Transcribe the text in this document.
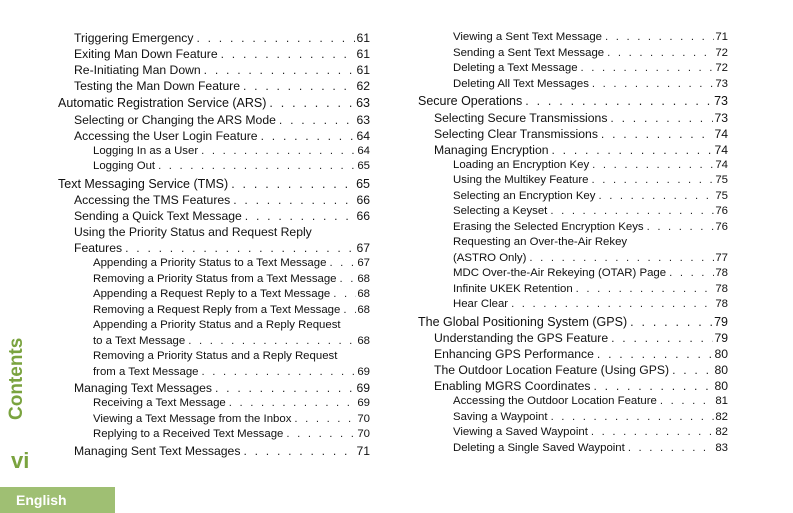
Triggering Emergency . . .	61
Exiting Man Down Feature . . .	61
Re-Initiating Man Down . . .	61
Testing the Man Down Feature . . .	62
Automatic Registration Service (ARS) . . .	63
Selecting or Changing the ARS Mode . . .	63
Accessing the User Login Feature . . .	64
Logging In as a User . . .	64
Logging Out . . .	65
Text Messaging Service (TMS) . . .	65
Accessing the TMS Features . . .	66
Sending a Quick Text Message . . .	66
Using the Priority Status and Request Reply
Features . . .	67
Appending a Priority Status to a Text Message . . .	67
Removing a Priority Status from a Text Message . . . 68
Appending a Request Reply to a Text Message . . . 68
Removing a Request Reply from a Text Message . . . 68
Appending a Priority Status and a Reply Request
to a Text Message . . .	68
Removing a Priority Status and a Reply Request
from a Text Message . . .	69
Managing Text Messages . . .	69
Receiving a Text Message . . .	69
Viewing a Text Message from the Inbox . . .	70
Replying to a Received Text Message . . .	70
Managing Sent Text Messages . . .	71
Viewing a Sent Text Message . . .	71
Sending a Sent Text Message . . .	72
Deleting a Text Message . . .	72
Deleting All Text Messages . . .	73
Secure Operations . . .	73
Selecting Secure Transmissions . . .	73
Selecting Clear Transmissions . . .	74
Managing Encryption . . .	74
Loading an Encryption Key . . .	74
Using the Multikey Feature . . .	75
Selecting an Encryption Key . . .	75
Selecting a Keyset . . .	76
Erasing the Selected Encryption Keys . . .	76
Requesting an Over-the-Air Rekey
(ASTRO Only) . . .	77
MDC Over-the-Air Rekeying (OTAR) Page . . .	78
Infinite UKEK Retention . . .	78
Hear Clear . . .	78
The Global Positioning System (GPS) . . .	79
Understanding the GPS Feature . . .	79
Enhancing GPS Performance . . .	80
The Outdoor Location Feature (Using GPS) . . .	80
Enabling MGRS Coordinates . . .	80
Accessing the Outdoor Location Feature . . .	81
Saving a Waypoint . . .	82
Viewing a Saved Waypoint . . .	82
Deleting a Single Saved Waypoint . . .	83
Contents
vi
English
